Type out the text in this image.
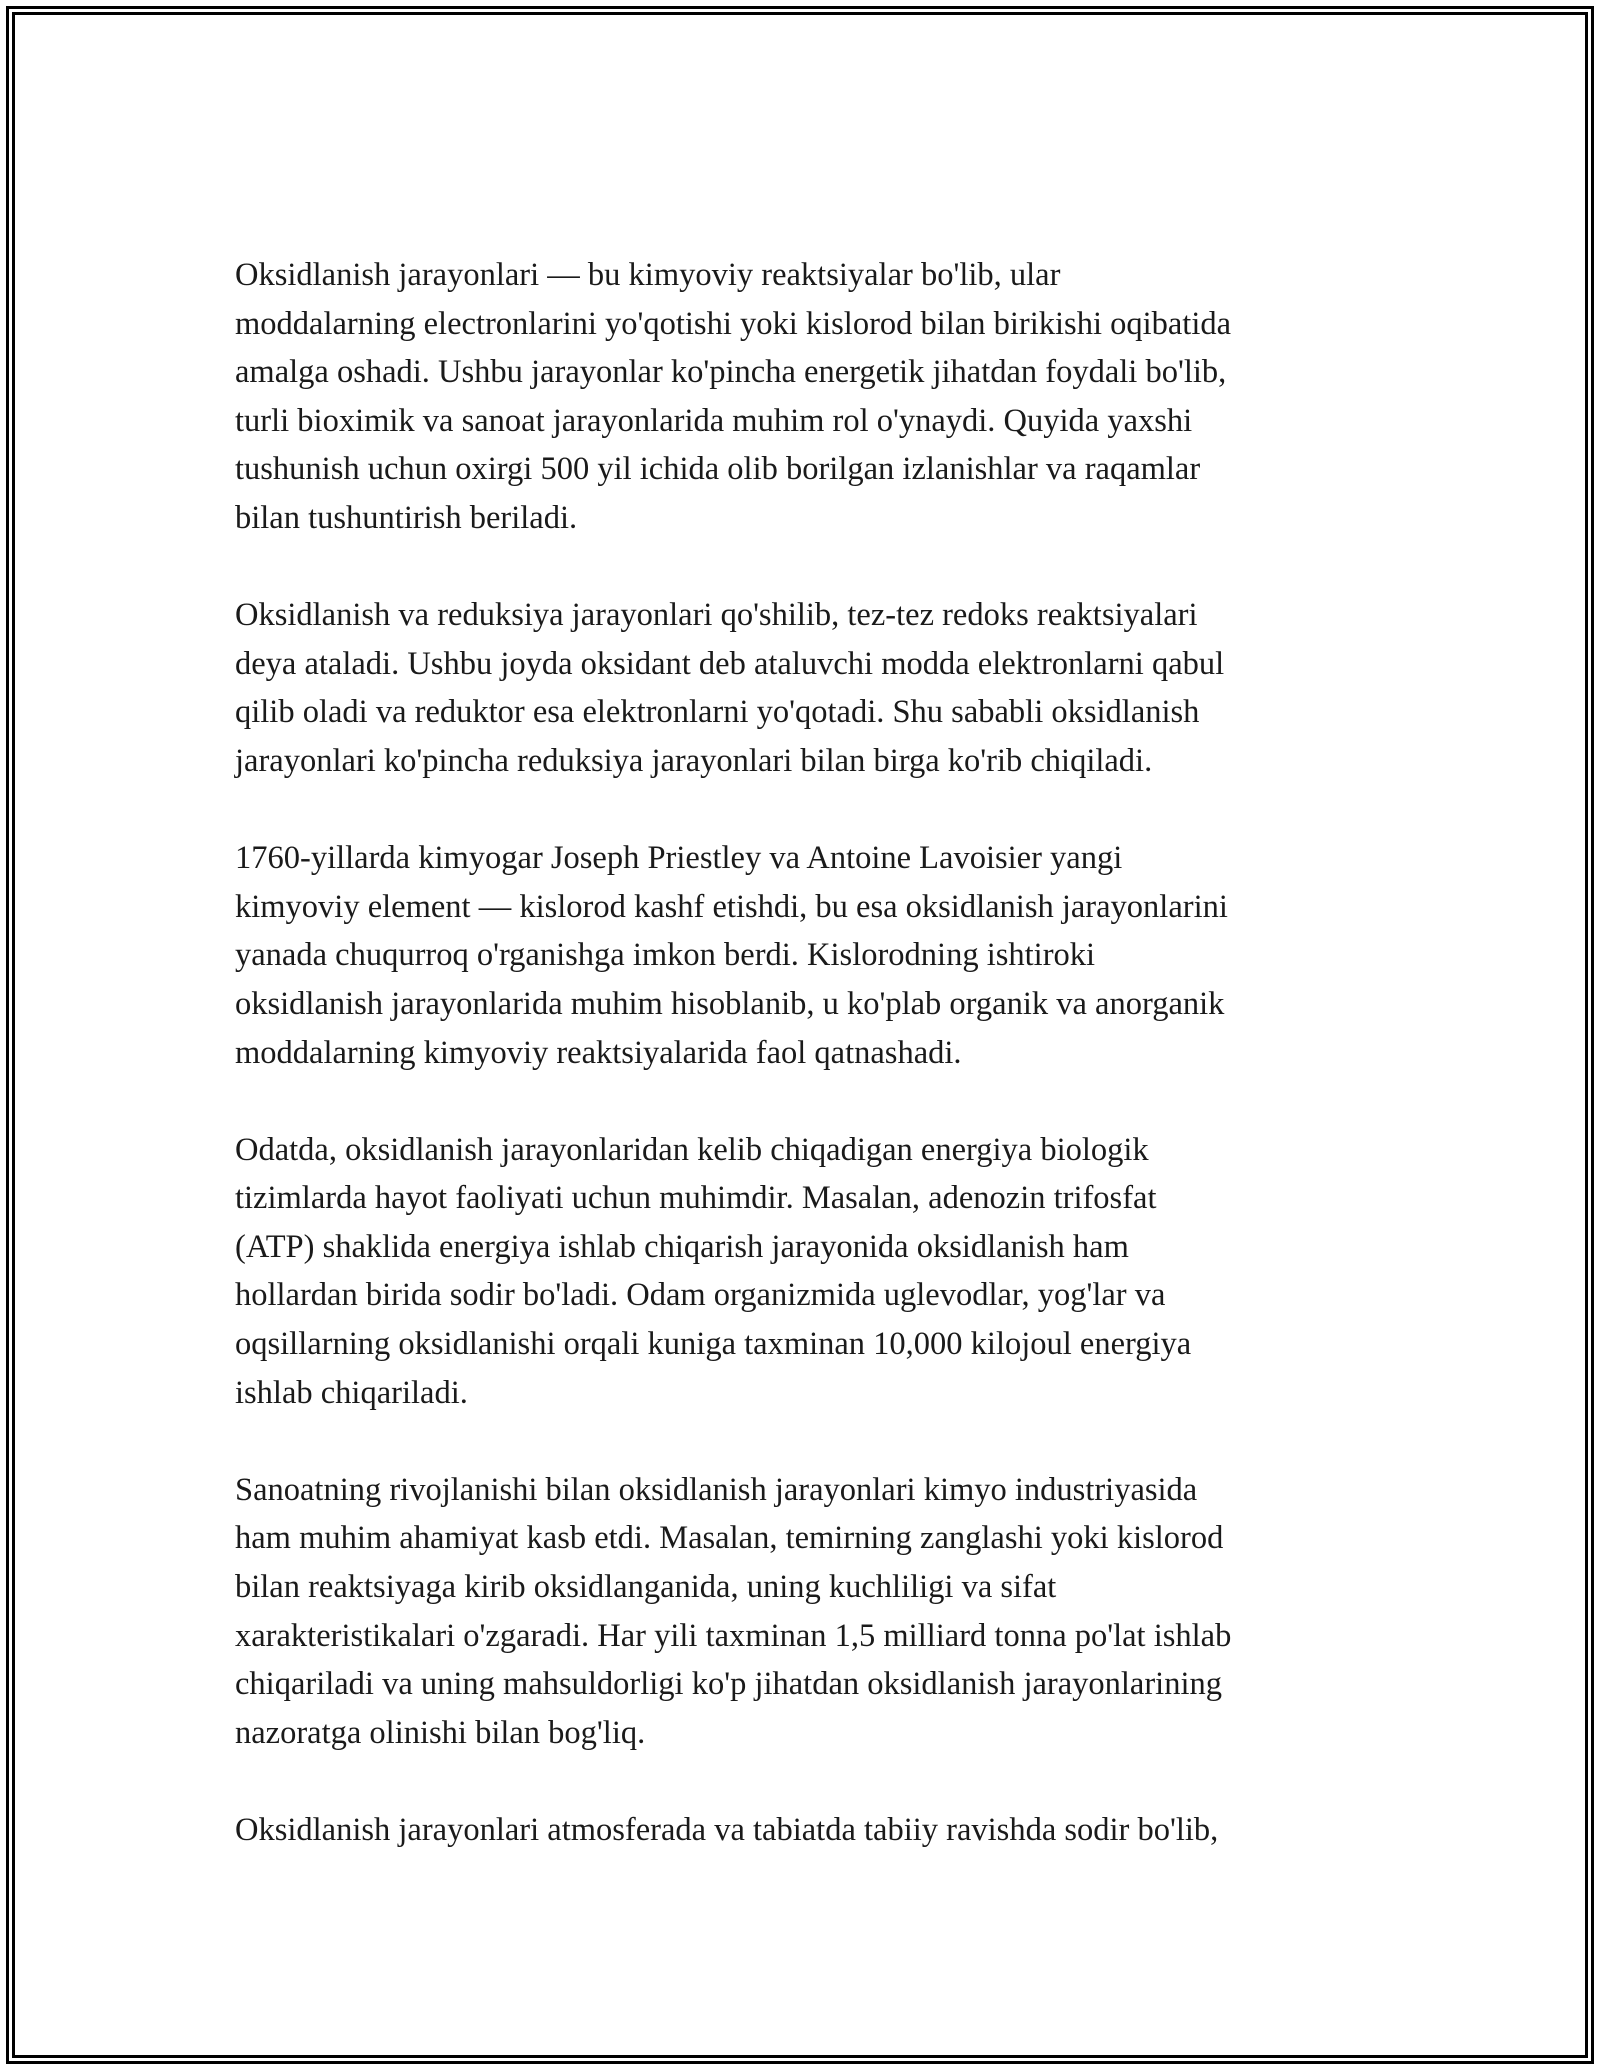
Oksidlanish jarayonlari — bu kimyoviy reaktsiyalar bo'lib, ular
moddalarning electronlarini yo'qotishi yoki kislorod bilan birikishi oqibatida
amalga oshadi. Ushbu jarayonlar ko'pincha energetik jihatdan foydali bo'lib,
turli bioximik va sanoat jarayonlarida muhim rol o'ynaydi. Quyida yaxshi
tushunish uchun oxirgi 500 yil ichida olib borilgan izlanishlar va raqamlar
bilan tushuntirish beriladi.

Oksidlanish va reduksiya jarayonlari qo'shilib, tez-tez redoks reaktsiyalari
deya ataladi. Ushbu joyda oksidant deb ataluvchi modda elektronlarni qabul
qilib oladi va reduktor esa elektronlarni yo'qotadi. Shu sababli oksidlanish
jarayonlari ko'pincha reduksiya jarayonlari bilan birga ko'rib chiqiladi.

1760-yillarda kimyogar Joseph Priestley va Antoine Lavoisier yangi
kimyoviy element — kislorod kashf etishdi, bu esa oksidlanish jarayonlarini
yanada chuqurroq o'rganishga imkon berdi. Kislorodning ishtiroki
oksidlanish jarayonlarida muhim hisoblanib, u ko'plab organik va anorganik
moddalarning kimyoviy reaktsiyalarida faol qatnashadi.

Odatda, oksidlanish jarayonlaridan kelib chiqadigan energiya biologik
tizimlarda hayot faoliyati uchun muhimdir. Masalan, adenozin trifosfat
(ATP) shaklida energiya ishlab chiqarish jarayonida oksidlanish ham
hollardan birida sodir bo'ladi. Odam organizmida uglevodlar, yog'lar va
oqsillarning oksidlanishi orqali kuniga taxminan 10,000 kilojoul energiya
ishlab chiqariladi.

Sanoatning rivojlanishi bilan oksidlanish jarayonlari kimyo industriyasida
ham muhim ahamiyat kasb etdi. Masalan, temirning zanglashi yoki kislorod
bilan reaktsiyaga kirib oksidlanganida, uning kuchliligi va sifat
xarakteristikalari o'zgaradi. Har yili taxminan 1,5 milliard tonna po'lat ishlab
chiqariladi va uning mahsuldorligi ko'p jihatdan oksidlanish jarayonlarining
nazoratga olinishi bilan bog'liq.

Oksidlanish jarayonlari atmosferada va tabiatda tabiiy ravishda sodir bo'lib,
